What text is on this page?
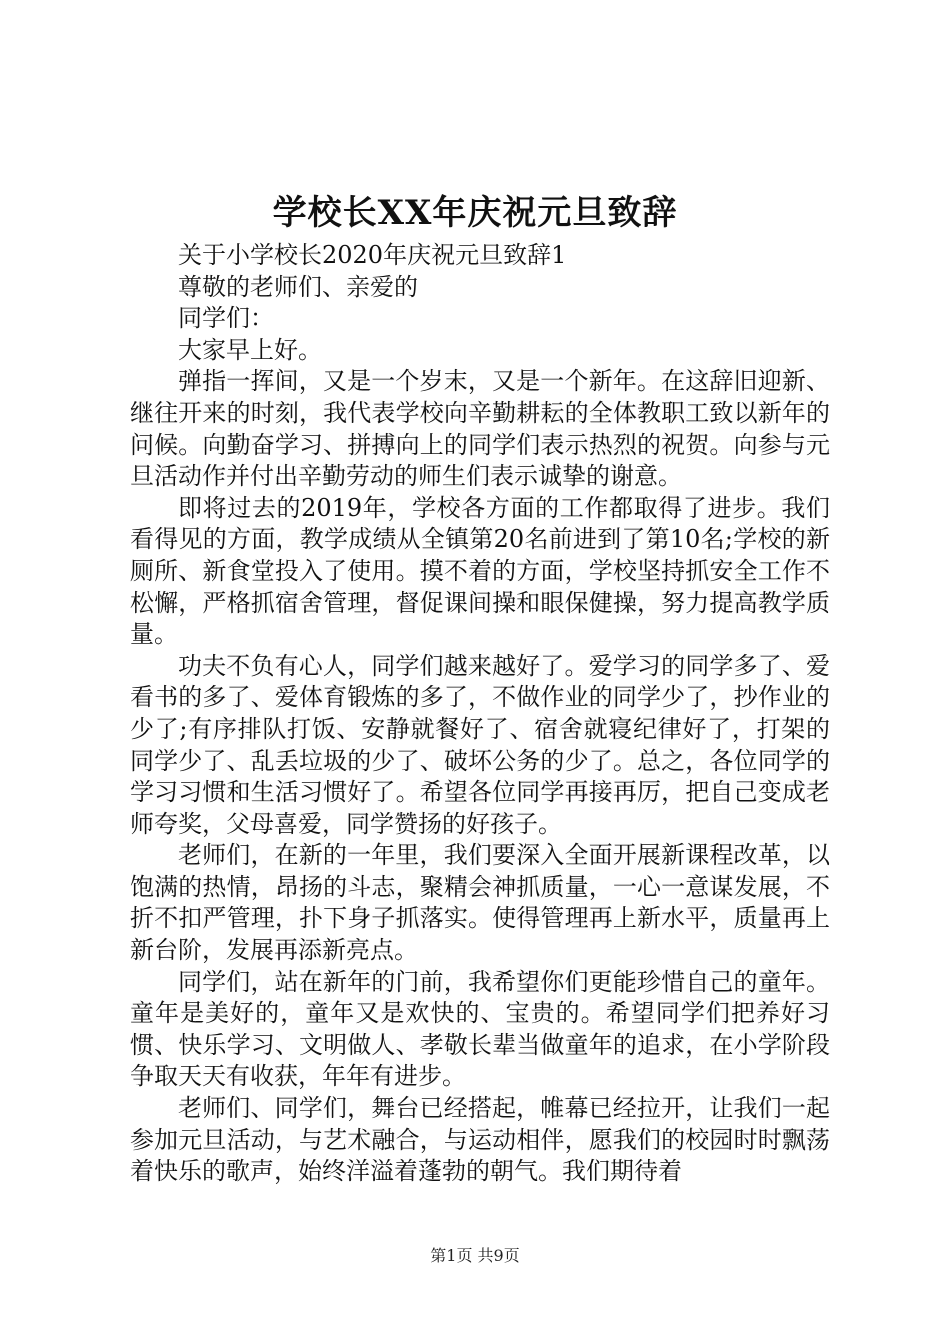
学校长XX年庆祝元旦致辞

关于小学校长2020年庆祝元旦致辞1

尊敬的老师们、亲爱的

同学们：

大家早上好。

弹指一挥间，又是一个岁末，又是一个新年。在这辞旧迎新、继往开来的时刻，我代表学校向辛勤耕耘的全体教职工致以新年的问候。向勤奋学习、拼搏向上的同学们表示热烈的祝贺。向参与元旦活动作并付出辛勤劳动的师生们表示诚挚的谢意。

即将过去的2019年，学校各方面的工作都取得了进步。我们看得见的方面，教学成绩从全镇第20名前进到了第10名;学校的新厕所、新食堂投入了使用。摸不着的方面，学校坚持抓安全工作不松懈，严格抓宿舍管理，督促课间操和眼保健操，努力提高教学质量。

功夫不负有心人，同学们越来越好了。爱学习的同学多了、爱看书的多了、爱体育锻炼的多了，不做作业的同学少了，抄作业的少了;有序排队打饭、安静就餐好了、宿舍就寝纪律好了，打架的同学少了、乱丢垃圾的少了、破坏公务的少了。总之，各位同学的学习习惯和生活习惯好了。希望各位同学再接再厉，把自己变成老师夸奖，父母喜爱，同学赞扬的好孩子。

老师们，在新的一年里，我们要深入全面开展新课程改革，以饱满的热情，昂扬的斗志，聚精会神抓质量，一心一意谋发展，不折不扣严管理，扑下身子抓落实。使得管理再上新水平，质量再上新台阶，发展再添新亮点。

同学们，站在新年的门前，我希望你们更能珍惜自己的童年。童年是美好的，童年又是欢快的、宝贵的。希望同学们把养好习惯、快乐学习、文明做人、孝敬长辈当做童年的追求，在小学阶段争取天天有收获，年年有进步。

老师们、同学们，舞台已经搭起，帷幕已经拉开，让我们一起参加元旦活动，与艺术融合，与运动相伴，愿我们的校园时时飘荡着快乐的歌声，始终洋溢着蓬勃的朝气。我们期待着

第1页 共9页
